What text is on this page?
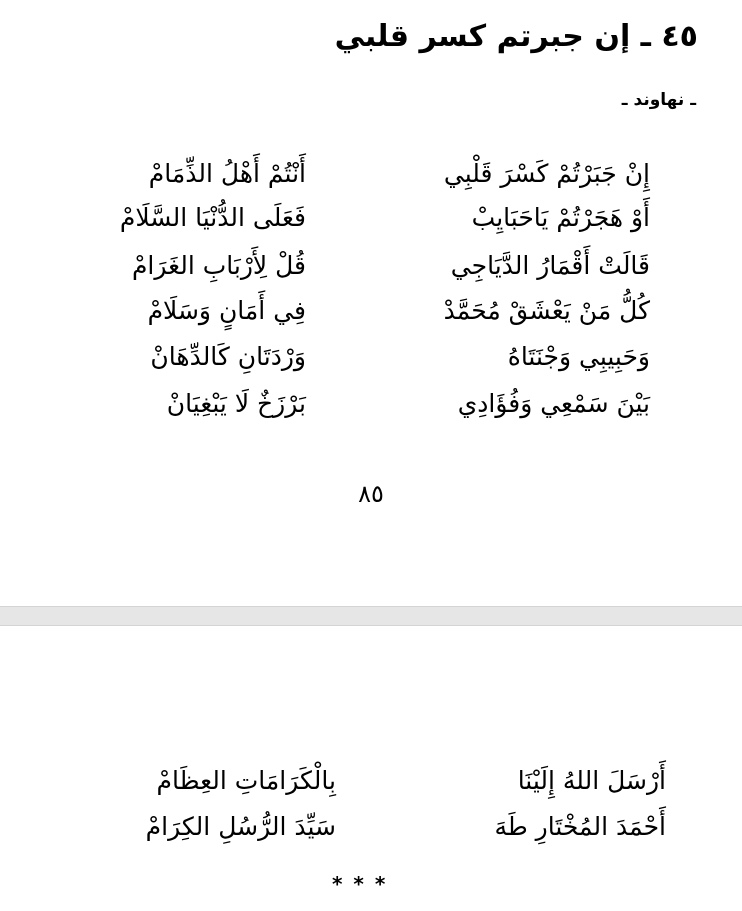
٤٥ ـ إن جبرتم كسر قلبي
ـ نهاوند ـ

إِنْ جَبَرْتُمْ كَسْرَ قَلْبِي

أَنْتُمْ أَهْلُ الذِّمَامْ

أَوْ هَجَرْتُمْ يَاحَبَايِبْ

فَعَلَى الدُّنْيَا السَّلَامْ

قَالَتْ أَقْمَارُ الدَّيَاجِي

قُلْ لِأَرْبَابِ الغَرَامْ

كُلُّ مَنْ يَعْشَقْ مُحَمَّدْ

فِي أَمَانٍ وَسَلَامْ

وَحَبِيبِي وَجْنَتَاهُ

وَرْدَتَانِ كَالدِّهَانْ

بَيْنَ سَمْعِي وَفُؤَادِي

بَرْزَخٌ لَا يَبْغِيَانْ

٨٥

أَرْسَلَ اللهُ إِلَيْنَا

بِالْكَرَامَاتِ العِظَامْ

أَحْمَدَ المُخْتَارِ طَهَ

سَيِّدَ الرُّسُلِ الكِرَامْ

* * *
